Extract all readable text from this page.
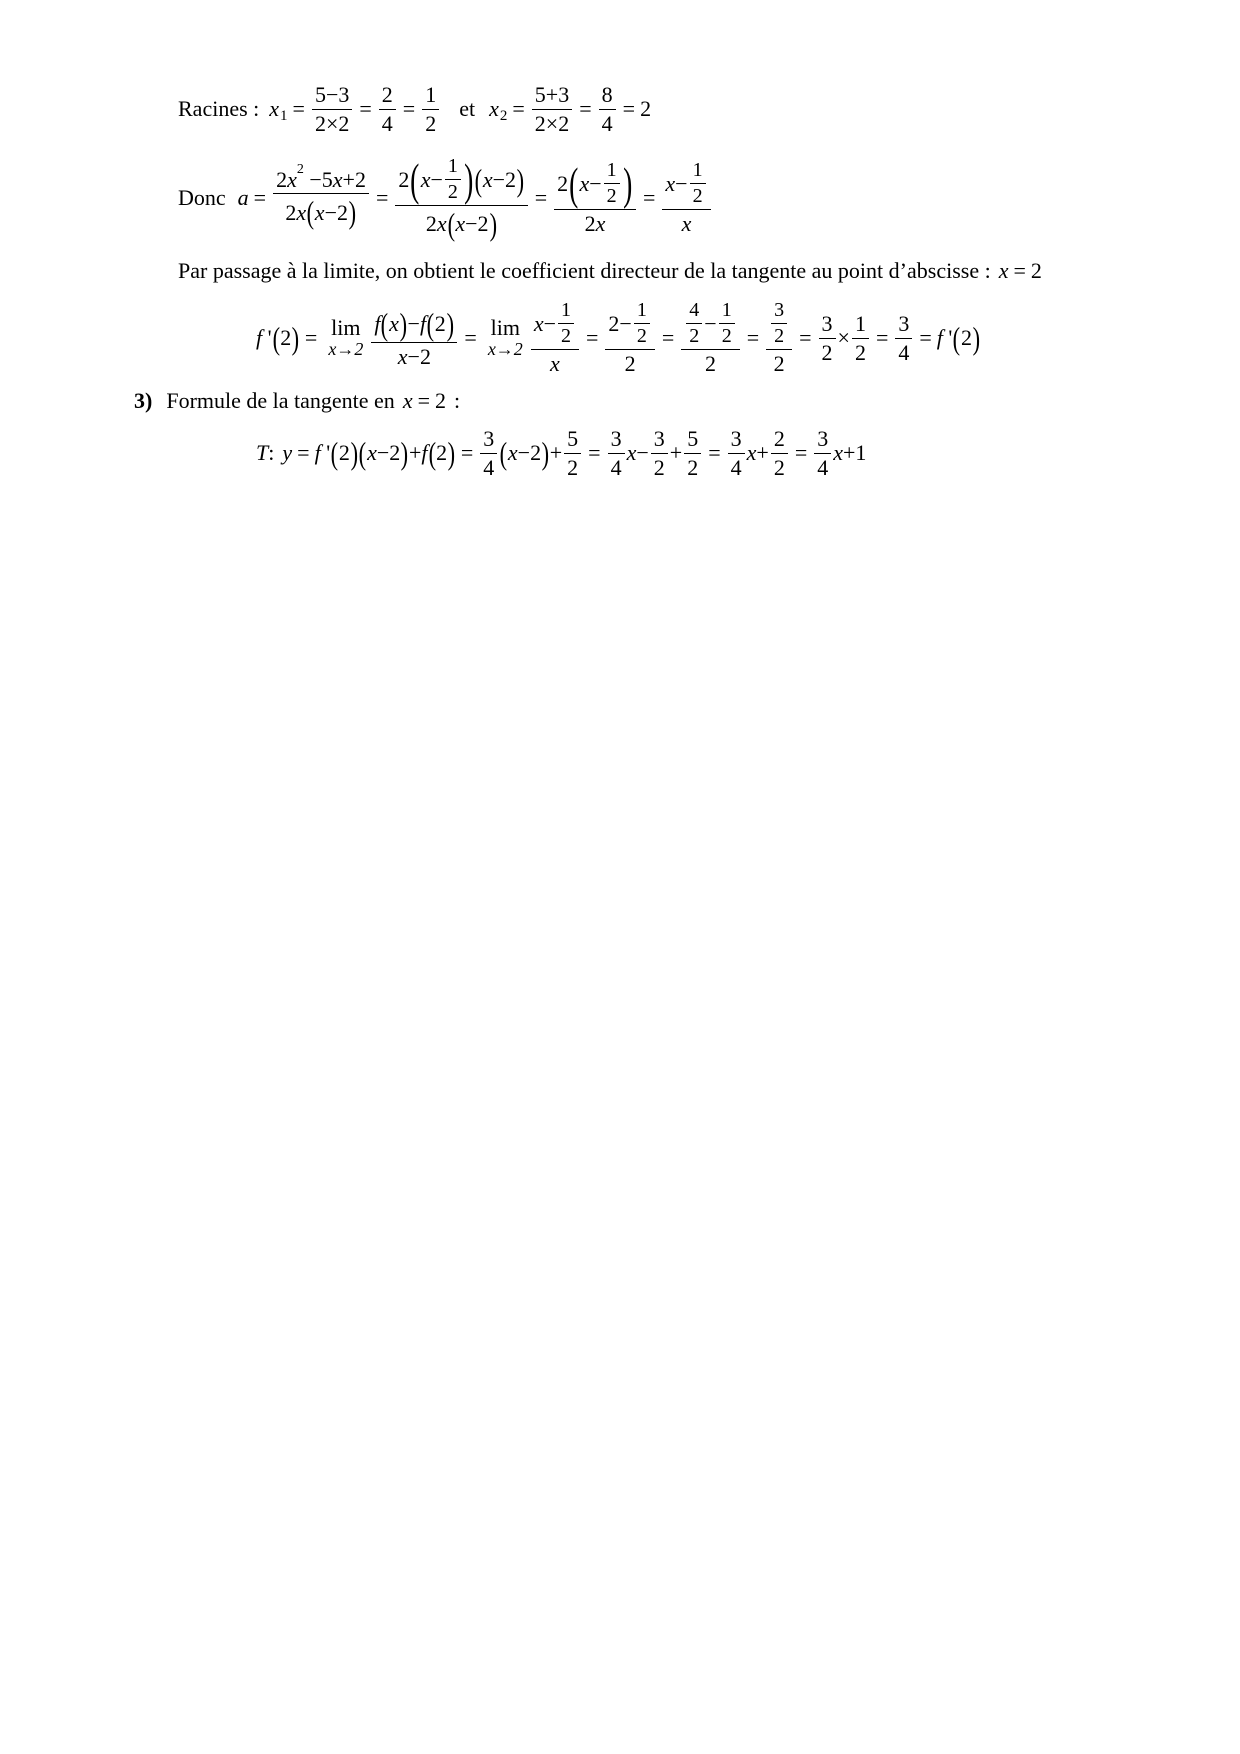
Racines : x $1 = \frac{5-3}{2\times 2} = \frac{2}{4} = \frac{1}{2}$ et x $2 = \frac{5+3}{2\times 2} = \frac{8}{4} = 2$
Donc $a = \frac{2 x 2 -5 x +2}{2 x ( x -2 )} = 2$ ( x −
1
2 ) ( x −2 )
2 x ( x −2 ) = 2 ( x −
1
2 )
2 x = x −
1
2
x
Par passage à la limite, on obtient le coefficient directeur de la tangente au point d’abscisse : x = 2
f ' ( 2 ) = lim
$x\to 2 \frac{f ( x ) - f ( 2 )}{x -2} = \lim$
x→2 x −
1
2
x = 2−
1
2
2 = 4
2
−
1
2
2 = 3
2
$2 = \frac{3}{2} \times \frac{1}{2} = \frac{3}{4} = f$ ' ( 2 )
3) Formule de la tangente en x = 2 :
T : y = f ' ( 2 ) ( x −2 ) + f ( 2 ) = $\frac{3}{4}$ ( x −2 ) + $\frac{5}{2} = \frac{3}{4}$ x −
3
2
+ $\frac{5}{2} = \frac{3}{4}$ $x + \frac{2}{2} = \frac{3}{4}$ x +1
